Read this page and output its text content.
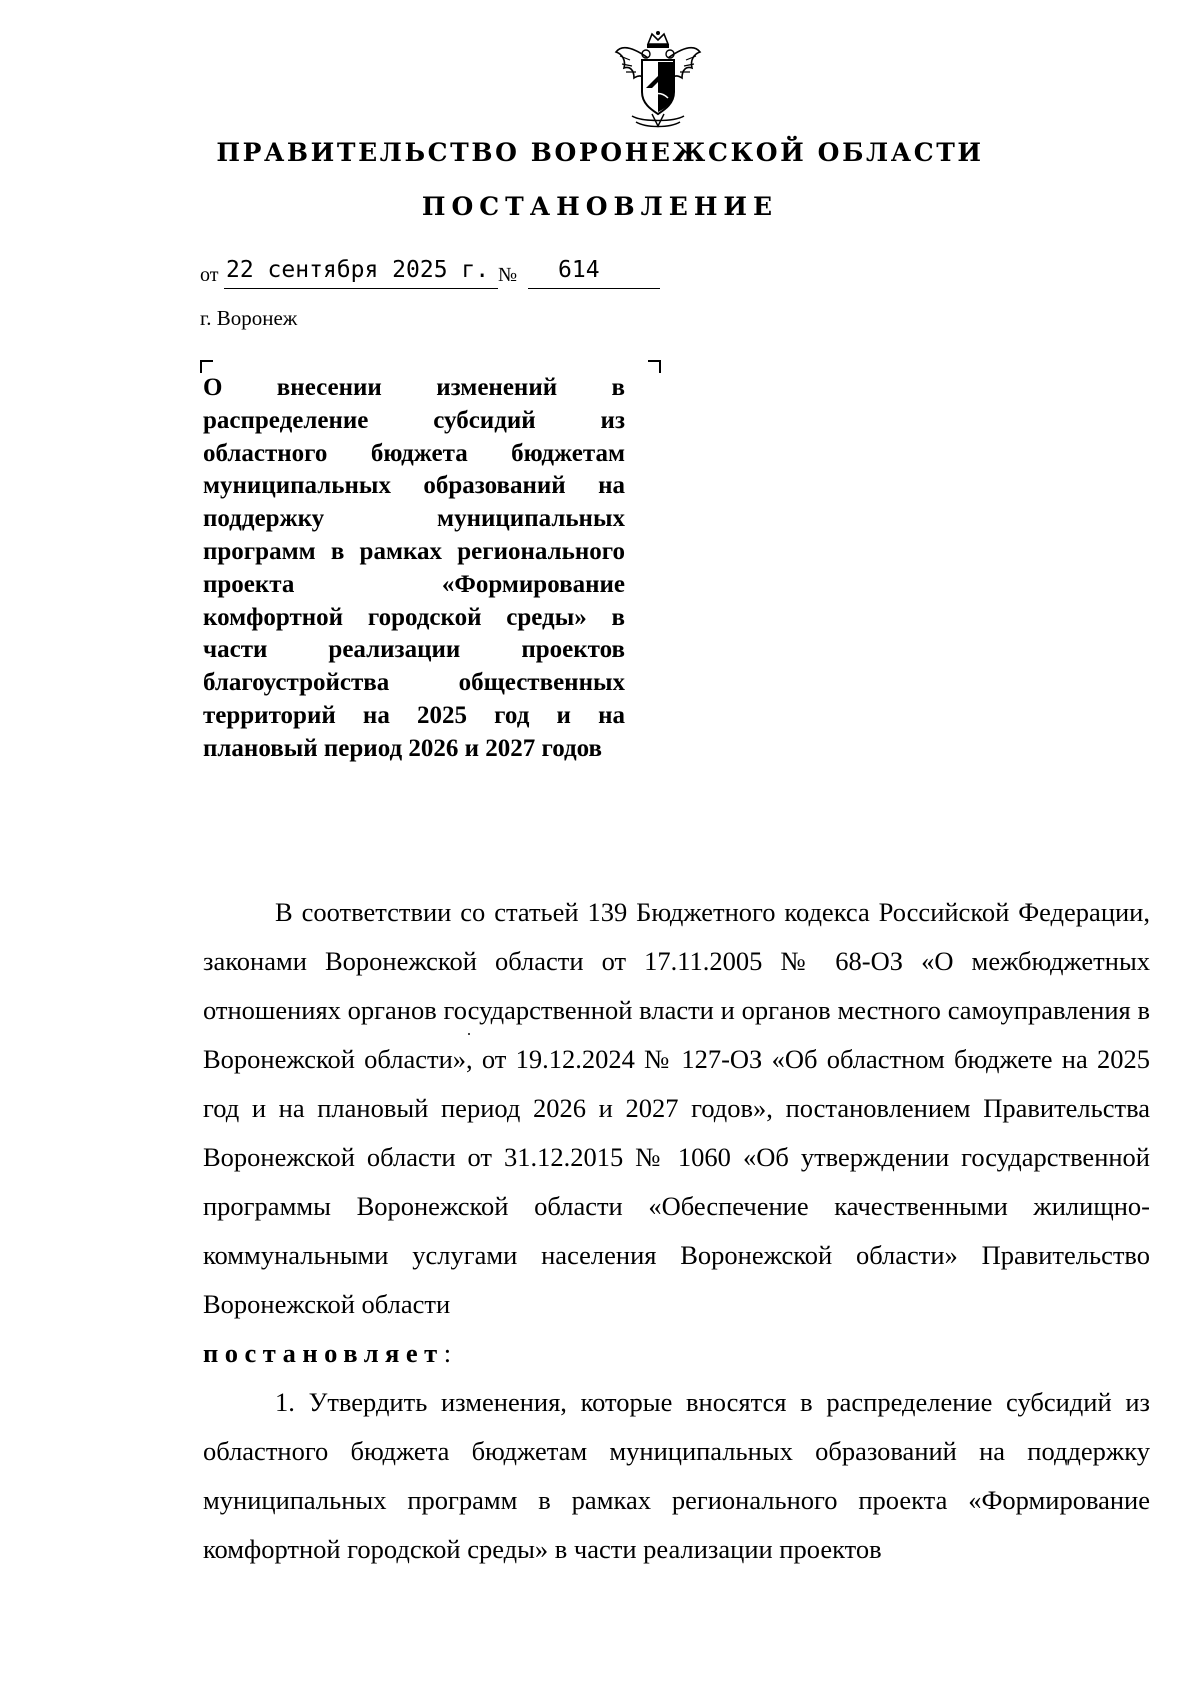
ПРАВИТЕЛЬСТВО ВОРОНЕЖСКОЙ ОБЛАСТИ
ПОСТАНОВЛЕНИЕ
от 22 сентября 2025 г. № 614
г. Воронеж
О внесении изменений в распределение субсидий из областного бюджета бюджетам муниципальных образований на поддержку муниципальных программ в рамках регионального проекта «Формирование комфортной городской среды» в части реализации проектов благоустройства общественных территорий на 2025 год и на плановый период 2026 и 2027 годов

В соответствии со статьей 139 Бюджетного кодекса Российской Федерации, законами Воронежской области от 17.11.2005 № 68-ОЗ «О межбюджетных отношениях органов государственной власти и органов местного самоуправления в Воронежской области», от 19.12.2024 № 127-ОЗ «Об областном бюджете на 2025 год и на плановый период 2026 и 2027 годов», постановлением Правительства Воронежской области от 31.12.2015 № 1060 «Об утверждении государственной программы Воронежской области «Обеспечение качественными жилищно-коммунальными услугами населения Воронежской области» Правительство Воронежской области

постановляет:

1. Утвердить изменения, которые вносятся в распределение субсидий из областного бюджета бюджетам муниципальных образований на поддержку муниципальных программ в рамках регионального проекта «Формирование комфортной городской среды» в части реализации проектов
